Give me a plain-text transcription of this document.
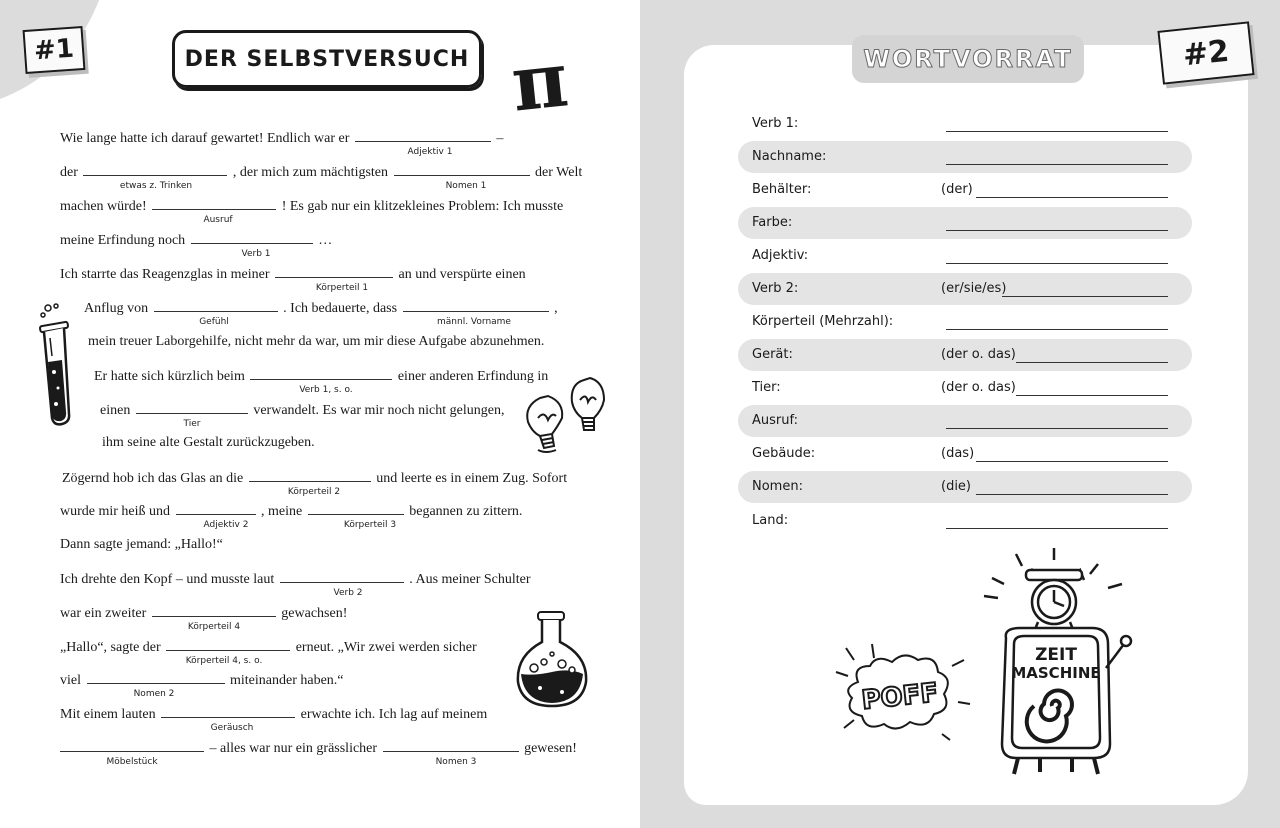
#1	DER SELBSTVERSUCH π
Wie lange hatte ich darauf gewartet! Endlich war er	–
Adjektiv 1
der	, der mich zum mächtigsten	der Welt
etwas z. Trinken	Nomen 1
machen würde!	! Es gab nur ein klitzekleines Problem: Ich musste
Ausruf
meine Erfindung noch	…
Verb 1
Ich starrte das Reagenzglas in meiner	an und verspürte einen
Körperteil 1
Anflug von	. Ich bedauerte, dass	,
Gefühl	männl. Vorname
mein treuer Laborgehilfe, nicht mehr da war, um mir diese Aufgabe abzunehmen.
Er hatte sich kürzlich beim	einer anderen Erfindung in
Verb 1, s. o.
einen	verwandelt. Es war mir noch nicht gelungen,
Tier
ihm seine alte Gestalt zurückzugeben.
Zögernd hob ich das Glas an die	und leerte es in einem Zug. Sofort
Körperteil 2
wurde mir heiß und	, meine	begannen zu zittern.
Adjektiv 2	Körperteil 3
Dann sagte jemand: „Hallo!“
Ich drehte den Kopf – und musste laut	. Aus meiner Schulter
Verb 2
war ein zweiter	gewachsen!
Körperteil 4
„Hallo“, sagte der	erneut. „Wir zwei werden sicher
Körperteil 4, s. o.
viel	miteinander haben.“
Nomen 2
Mit einem lauten	erwachte ich. Ich lag auf meinem
Geräusch
– alles war nur ein grässlicher	gewesen!
Möbelstück	Nomen 3
WORTVORRAT	#2
Verb 1:
Nachname:
Behälter:	(der)
Farbe:
Adjektiv:
Verb 2:	(er/sie/es)
Körperteil (Mehrzahl):
Gerät:	(der o. das)
Tier:	(der o. das)
Ausruf:
Gebäude:	(das)
Nomen:	(die)
Land:
POFF
ZEIT
MASCHINE
